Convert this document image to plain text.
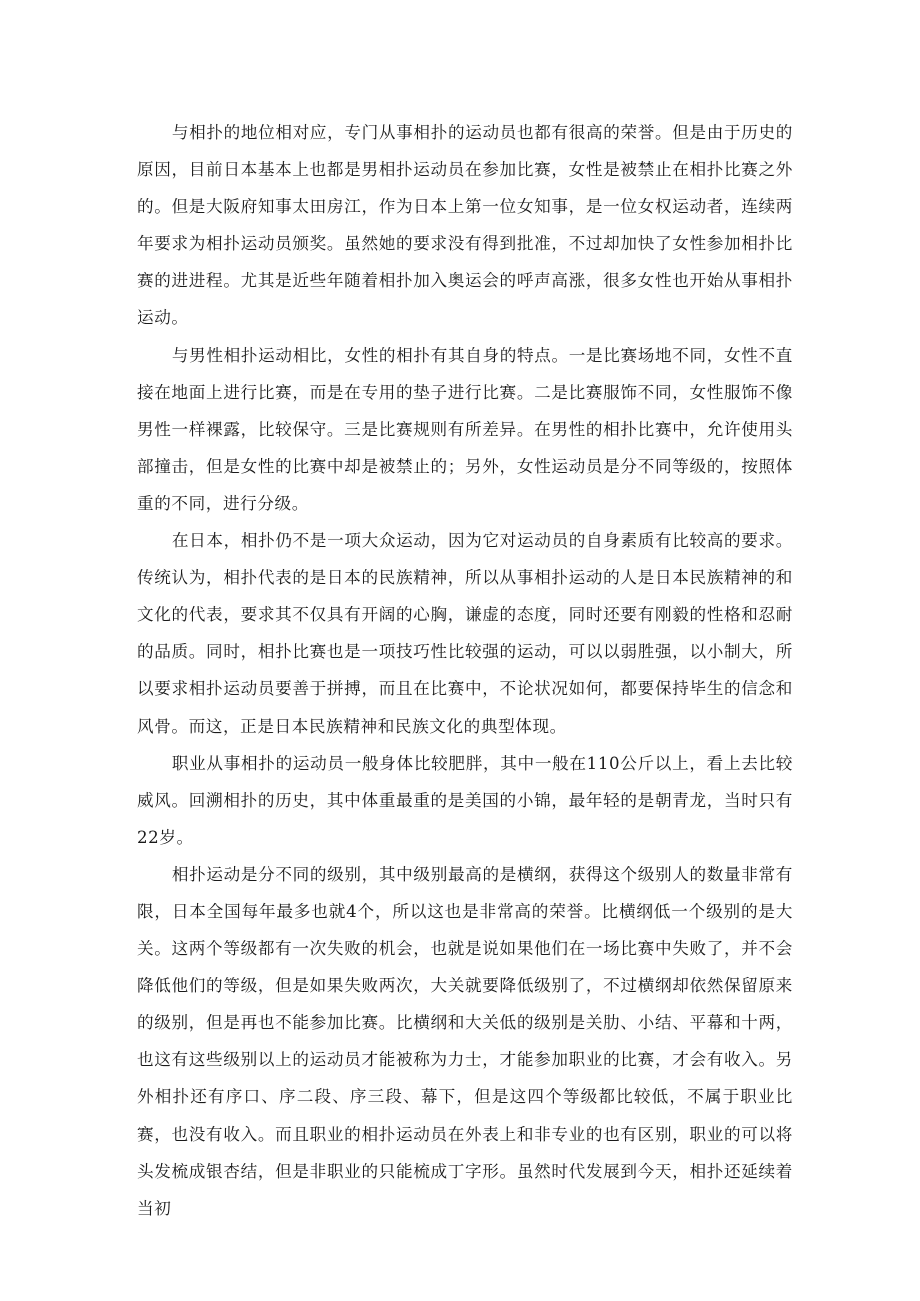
与相扑的地位相对应，专门从事相扑的运动员也都有很高的荣誉。但是由于历史的原因，目前日本基本上也都是男相扑运动员在参加比赛，女性是被禁止在相扑比赛之外的。但是大阪府知事太田房江，作为日本上第一位女知事，是一位女权运动者，连续两年要求为相扑运动员颁奖。虽然她的要求没有得到批准，不过却加快了女性参加相扑比赛的进进程。尤其是近些年随着相扑加入奥运会的呼声高涨，很多女性也开始从事相扑运动。

与男性相扑运动相比，女性的相扑有其自身的特点。一是比赛场地不同，女性不直接在地面上进行比赛，而是在专用的垫子进行比赛。二是比赛服饰不同，女性服饰不像男性一样裸露，比较保守。三是比赛规则有所差异。在男性的相扑比赛中，允许使用头部撞击，但是女性的比赛中却是被禁止的；另外，女性运动员是分不同等级的，按照体重的不同，进行分级。

在日本，相扑仍不是一项大众运动，因为它对运动员的自身素质有比较高的要求。传统认为，相扑代表的是日本的民族精神，所以从事相扑运动的人是日本民族精神的和文化的代表，要求其不仅具有开阔的心胸，谦虚的态度，同时还要有刚毅的性格和忍耐的品质。同时，相扑比赛也是一项技巧性比较强的运动，可以以弱胜强，以小制大，所以要求相扑运动员要善于拼搏，而且在比赛中，不论状况如何，都要保持毕生的信念和风骨。而这，正是日本民族精神和民族文化的典型体现。

职业从事相扑的运动员一般身体比较肥胖，其中一般在110公斤以上，看上去比较威风。回溯相扑的历史，其中体重最重的是美国的小锦，最年轻的是朝青龙，当时只有22岁。

相扑运动是分不同的级别，其中级别最高的是横纲，获得这个级别人的数量非常有限，日本全国每年最多也就4个，所以这也是非常高的荣誉。比横纲低一个级别的是大关。这两个等级都有一次失败的机会，也就是说如果他们在一场比赛中失败了，并不会降低他们的等级，但是如果失败两次，大关就要降低级别了，不过横纲却依然保留原来的级别，但是再也不能参加比赛。比横纲和大关低的级别是关肋、小结、平幕和十两，也这有这些级别以上的运动员才能被称为力士，才能参加职业的比赛，才会有收入。另外相扑还有序口、序二段、序三段、幕下，但是这四个等级都比较低，不属于职业比赛，也没有收入。而且职业的相扑运动员在外表上和非专业的也有区别，职业的可以将头发梳成银杏结，但是非职业的只能梳成丁字形。虽然时代发展到今天，相扑还延续着当初
